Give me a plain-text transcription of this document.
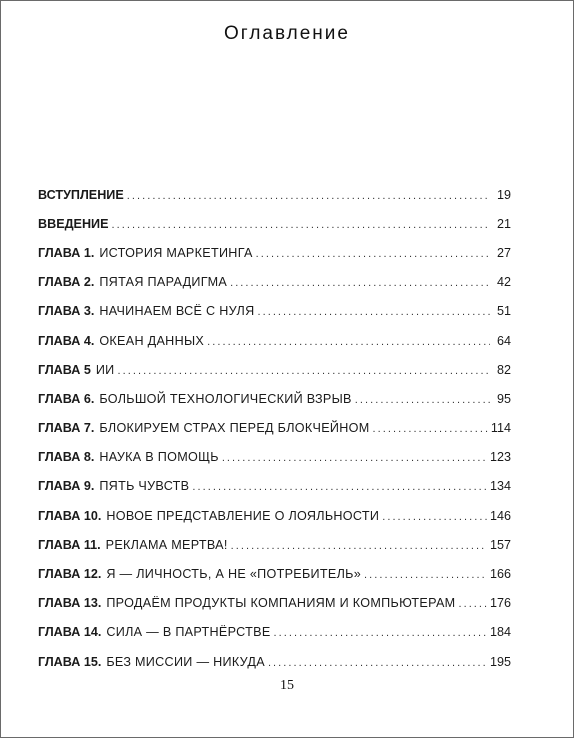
Оглавление
ВСТУПЛЕНИЕ . . .	19
ВВЕДЕНИЕ . . .	21
ГЛАВА 1. ИСТОРИЯ МАРКЕТИНГА . . .	27
ГЛАВА 2. ПЯТАЯ ПАРАДИГМА . . .	42
ГЛАВА 3. НАЧИНАЕМ ВСЁ С НУЛЯ . . .	51
ГЛАВА 4. ОКЕАН ДАННЫХ . . .	64
ГЛАВА 5 ИИ . . .	82
ГЛАВА 6. БОЛЬШОЙ ТЕХНОЛОГИЧЕСКИЙ ВЗРЫВ . . .	95
ГЛАВА 7. БЛОКИРУЕМ СТРАХ ПЕРЕД БЛОКЧЕЙНОМ . . .	114
ГЛАВА 8. НАУКА В ПОМОЩЬ . . .	123
ГЛАВА 9. ПЯТЬ ЧУВСТВ . . .	134
ГЛАВА 10. НОВОЕ ПРЕДСТАВЛЕНИЕ О ЛОЯЛЬНОСТИ . . .	146
ГЛАВА 11. РЕКЛАМА МЕРТВА! . . .	157
ГЛАВА 12. Я — ЛИЧНОСТЬ, А НЕ «ПОТРЕБИТЕЛЬ» . . .	166
ГЛАВА 13. ПРОДАЁМ ПРОДУКТЫ КОМПАНИЯМ И КОМПЬЮТЕРАМ . . .	176
ГЛАВА 14. СИЛА — В ПАРТНЁРСТВЕ . . .	184
ГЛАВА 15. БЕЗ МИССИИ — НИКУДА . . .	195
15
